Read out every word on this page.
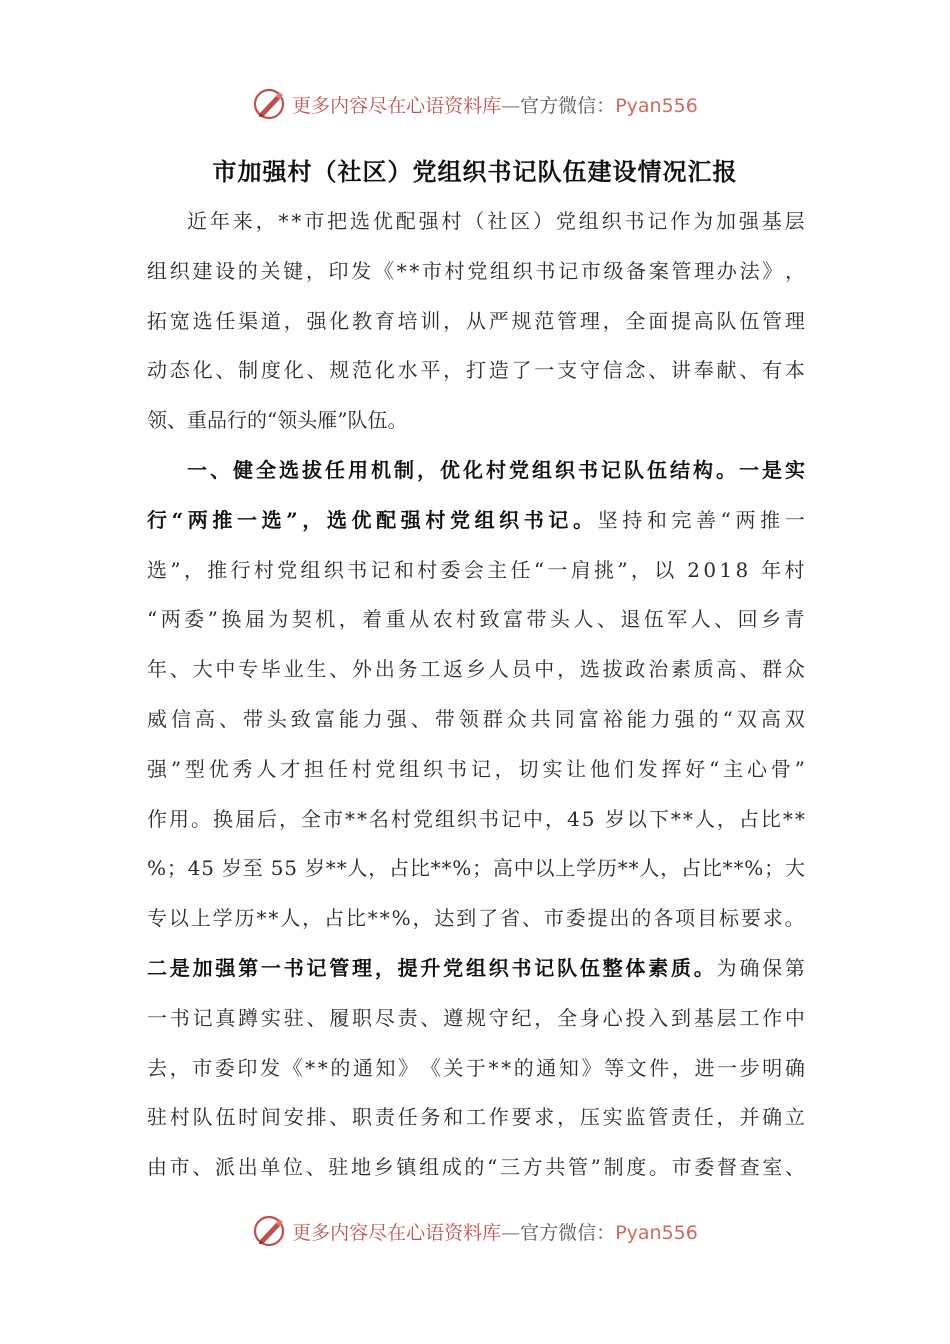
更多内容尽在心语资料库—官方微信：Pyan556
市加强村（社区）党组织书记队伍建设情况汇报
近 年 来 ， * * 市 把 选 优 配 强 村 （ 社 区 ） 党 组 织 书 记 作 为 加 强 基 层
组 织 建 设 的 关 键 ， 印 发 《 * * 市 村 党 组 织 书 记 市 级 备 案 管 理 办 法 》 ，
拓 宽 选 任 渠 道 ， 强 化 教 育 培 训 ， 从 严 规 范 管 理 ， 全 面 提 高 队 伍 管 理
动 态 化 、 制 度 化 、 规 范 化 水 平 ， 打 造 了 一 支 守 信 念 、 讲 奉 献 、 有 本
领 、 重 品 行 的 “ 领 头 雁 ” 队 伍 。
一 、 健 全 选 拔 任 用 机 制 ， 优 化 村 党 组 织 书 记 队 伍 结 构 。 一 是 实
行 “ 两 推 一 选 ” ， 选 优 配 强 村 党 组 织 书 记 。 坚 持 和 完 善 “ 两 推 一
选 ” ， 推 行 村 党 组 织 书 记 和 村 委 会 主 任 “ 一 肩 挑 ” ， 以
2 0 1 8
年 村
“ 两 委 ” 换 届 为 契 机 ， 着 重 从 农 村 致 富 带 头 人 、 退 伍 军 人 、 回 乡 青
年 、 大 中 专 毕 业 生 、 外 出 务 工 返 乡 人 员 中 ， 选 拔 政 治 素 质 高 、 群 众
威 信 高 、 带 头 致 富 能 力 强 、 带 领 群 众 共 同 富 裕 能 力 强 的 “ 双 高 双
强 ” 型 优 秀 人 才 担 任 村 党 组 织 书 记 ， 切 实 让 他 们 发 挥 好 “ 主 心 骨 ”
作 用 。 换 届 后 ， 全 市 * * 名 村 党 组 织 书 记 中 ， 4 5
岁 以 下 * * 人 ， 占 比 * *
% ； 4 5
岁 至
5 5
岁 * * 人 ， 占 比 * * % ； 高 中 以 上 学 历 * * 人 ， 占 比 * * % ； 大
专 以 上 学 历 * * 人 ， 占 比 * * % ， 达 到 了 省 、 市 委 提 出 的 各 项 目 标 要 求 。
二 是 加 强 第 一 书 记 管 理 ， 提 升 党 组 织 书 记 队 伍 整 体 素 质 。 为 确 保 第
一 书 记 真 蹲 实 驻 、 履 职 尽 责 、 遵 规 守 纪 ， 全 身 心 投 入 到 基 层 工 作 中
去 ， 市 委 印 发 《 * * 的 通 知 》 《 关 于 * * 的 通 知 》 等 文 件 ， 进 一 步 明 确
驻 村 队 伍 时 间 安 排 、 职 责 任 务 和 工 作 要 求 ， 压 实 监 管 责 任 ， 并 确 立
由 市 、 派 出 单 位 、 驻 地 乡 镇 组 成 的 “ 三 方 共 管 ” 制 度 。 市 委 督 查 室 、
更多内容尽在心语资料库—官方微信：Pyan556
